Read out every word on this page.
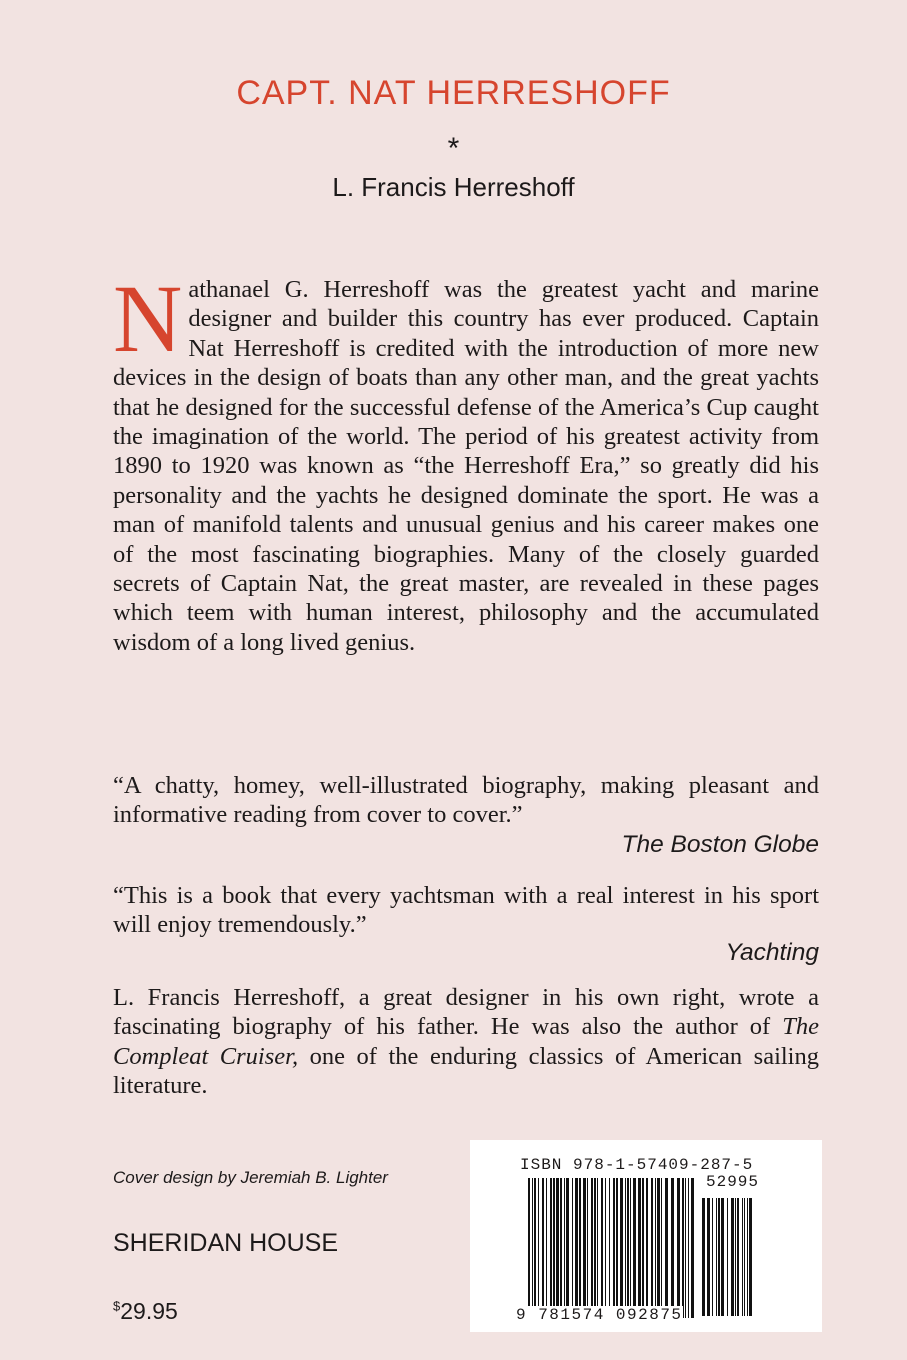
CAPT. NAT HERRESHOFF
*
L. Francis Herreshoff
N athanael G. Herreshoff was the greatest yacht and marine designer and builder this country has ever produced. Captain Nat Herreshoff is credited with the introduction of more new devices in the design of boats than any other man, and the great yachts that he designed for the successful defense of the America’s Cup caught the imagination of the world. The period of his greatest activity from 1890 to 1920 was known as “the Herreshoff Era,” so greatly did his personality and the yachts he designed dominate the sport. He was a man of manifold talents and unusual genius and his career makes one of the most fascinating biographies. Many of the closely guarded secrets of Captain Nat, the great master, are revealed in these pages which teem with human interest, philosophy and the accumulated wisdom of a long lived genius.
“A chatty, homey, well-illustrated biography, making pleasant and informative reading from cover to cover.”
The Boston Globe
“This is a book that every yachtsman with a real interest in his sport will enjoy tremendously.”
Yachting
L. Francis Herreshoff, a great designer in his own right, wrote a fascinating biography of his father. He was also the author of The Compleat Cruiser, one of the enduring classics of American sailing literature.
Cover design by Jeremiah B. Lighter
SHERIDAN HOUSE
$29.95
ISBN 978-1-57409-287-5
52995
9 781574 092875
